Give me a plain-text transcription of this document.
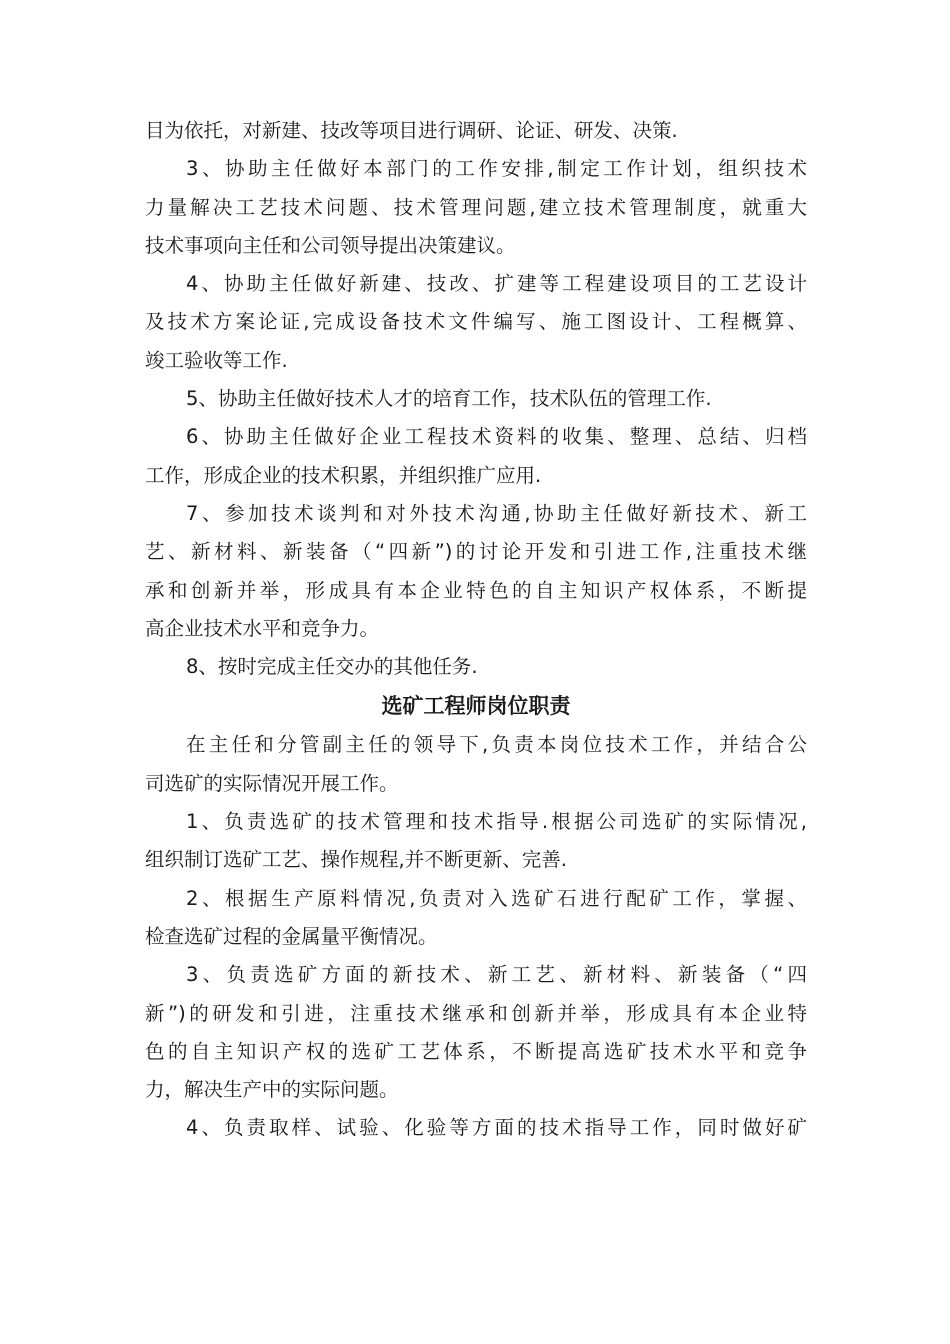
目为依托，对新建、技改等项目进行调研、论证、研发、决策.
3、协助主任做好本部门的工作安排,制定工作计划，组织技术
力量解决工艺技术问题、技术管理问题,建立技术管理制度，就重大
技术事项向主任和公司领导提出决策建议。
4、协助主任做好新建、技改、扩建等工程建设项目的工艺设计
及技术方案论证,完成设备技术文件编写、施工图设计、工程概算、
竣工验收等工作.
5、协助主任做好技术人才的培育工作，技术队伍的管理工作.
6、协助主任做好企业工程技术资料的收集、整理、总结、归档
工作，形成企业的技术积累，并组织推广应用.
7、参加技术谈判和对外技术沟通,协助主任做好新技术、新工
艺、新材料、新装备（“四新”)的讨论开发和引进工作,注重技术继
承和创新并举，形成具有本企业特色的自主知识产权体系，不断提
高企业技术水平和竞争力。
8、按时完成主任交办的其他任务.
选矿工程师岗位职责
在主任和分管副主任的领导下,负责本岗位技术工作，并结合公
司选矿的实际情况开展工作。
1、负责选矿的技术管理和技术指导.根据公司选矿的实际情况,
组织制订选矿工艺、操作规程,并不断更新、完善.
2、根据生产原料情况,负责对入选矿石进行配矿工作，掌握、
检查选矿过程的金属量平衡情况。
3、负责选矿方面的新技术、新工艺、新材料、新装备（“四
新”)的研发和引进，注重技术继承和创新并举，形成具有本企业特
色的自主知识产权的选矿工艺体系，不断提高选矿技术水平和竞争
力，解决生产中的实际问题。
4、负责取样、试验、化验等方面的技术指导工作，同时做好矿
